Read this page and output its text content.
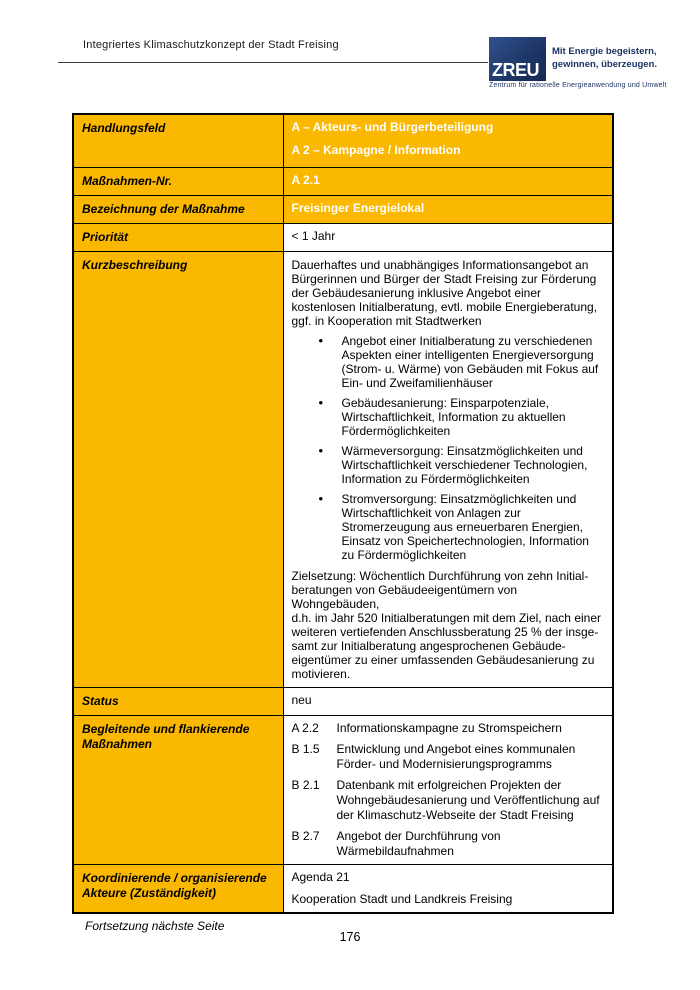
Integriertes Klimaschutzkonzept der Stadt Freising
ZREU
Mit Energie begeistern,
gewinnen, überzeugen.
Zentrum für rationelle Energieanwendung und Umwelt
Handlungsfeld	A – Akteurs- und Bürgerbeteiligung
A 2 – Kampagne / Information

Maßnahmen-Nr.	A 2.1
Bezeichnung der Maßnahme	Freisinger Energielokal
Priorität	< 1 Jahr
Kurzbeschreibung	Dauerhaftes und unabhängiges Informationsangebot an Bürgerinnen und Bürger der Stadt Freising zur Förderung der Gebäudesanierung inklusive Angebot einer kostenlosen Initialberatung, evtl. mobile Energieberatung, ggf. in Kooperation mit Stadtwerken
• Angebot einer Initialberatung zu verschiedenen Aspekten einer intelligenten Energieversorgung (Strom- u. Wärme) von Gebäuden mit Fokus auf Ein- und Zweifamilienhäuser
• Gebäudesanierung: Einsparpotenziale, Wirtschaftlichkeit, Information zu aktuellen Fördermöglichkeiten
• Wärmeversorgung: Einsatzmöglichkeiten und Wirtschaftlichkeit verschiedener Technologien, Information zu Fördermöglichkeiten
• Stromversorgung: Einsatzmöglichkeiten und Wirtschaftlichkeit von Anlagen zur Stromerzeugung aus erneuerbaren Energien, Einsatz von Speichertechnologien, Information zu Fördermöglichkeiten
Zielsetzung: Wöchentlich Durchführung von zehn Initial-
beratungen von Gebäudeeigentümern von Wohngebäuden,
d.h. im Jahr 520 Initialberatungen mit dem Ziel, nach einer
weiteren vertiefenden Anschlussberatung 25 % der insge-
samt zur Initialberatung angesprochenen Gebäude-
eigentümer zu einer umfassenden Gebäudesanierung zu
motivieren.

Status	neu
Begleitende und flankierende Maßnahmen	
A 2.2	Informationskampagne zu Stromspeichern
B 1.5	Entwicklung und Angebot eines kommunalen Förder- und Modernisierungsprogramms
B 2.1	Datenbank mit erfolgreichen Projekten der Wohngebäudesanierung und Veröffentlichung auf der Klimaschutz-Webseite der Stadt Freising
B 2.7	Angebot der Durchführung von Wärmebildaufnahmen

Koordinierende / organisierende Akteure (Zuständigkeit)	Agenda 21
Kooperation Stadt und Landkreis Freising
Fortsetzung nächste Seite
176
